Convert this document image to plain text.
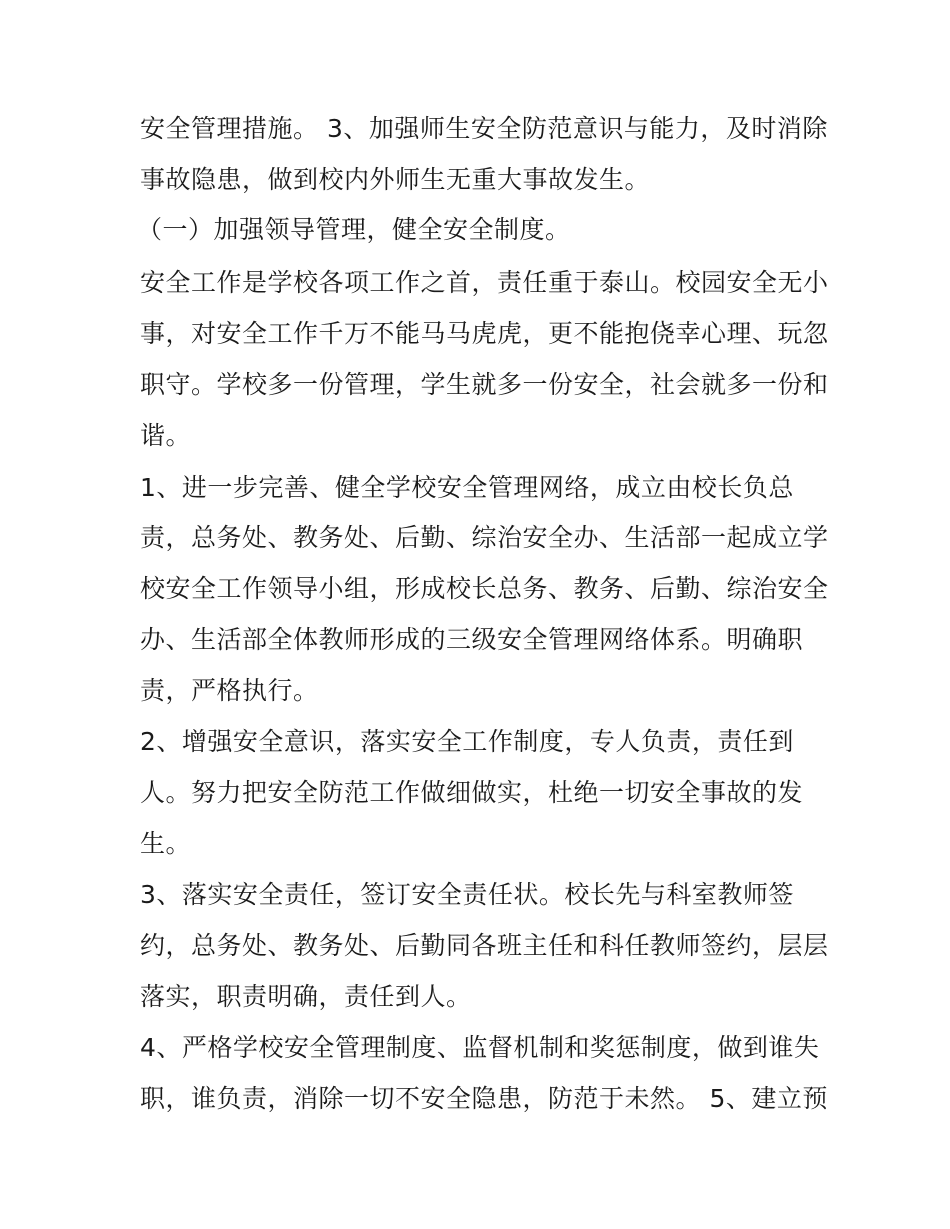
安全管理措施。 3、加强师生安全防范意识与能力，及时消除
事故隐患，做到校内外师生无重大事故发生。
（一）加强领导管理，健全安全制度。
安全工作是学校各项工作之首，责任重于泰山。校园安全无小
事，对安全工作千万不能马马虎虎，更不能抱侥幸心理、玩忽
职守。学校多一份管理，学生就多一份安全，社会就多一份和
谐。
1、进一步完善、健全学校安全管理网络，成立由校长负总
责，总务处、教务处、后勤、综治安全办、生活部一起成立学
校安全工作领导小组，形成校长总务、教务、后勤、综治安全
办、生活部全体教师形成的三级安全管理网络体系。明确职
责，严格执行。
2、增强安全意识，落实安全工作制度，专人负责，责任到
人。努力把安全防范工作做细做实，杜绝一切安全事故的发
生。
3、落实安全责任，签订安全责任状。校长先与科室教师签
约，总务处、教务处、后勤同各班主任和科任教师签约，层层
落实，职责明确，责任到人。
4、严格学校安全管理制度、监督机制和奖惩制度，做到谁失
职，谁负责，消除一切不安全隐患，防范于未然。 5、建立预
